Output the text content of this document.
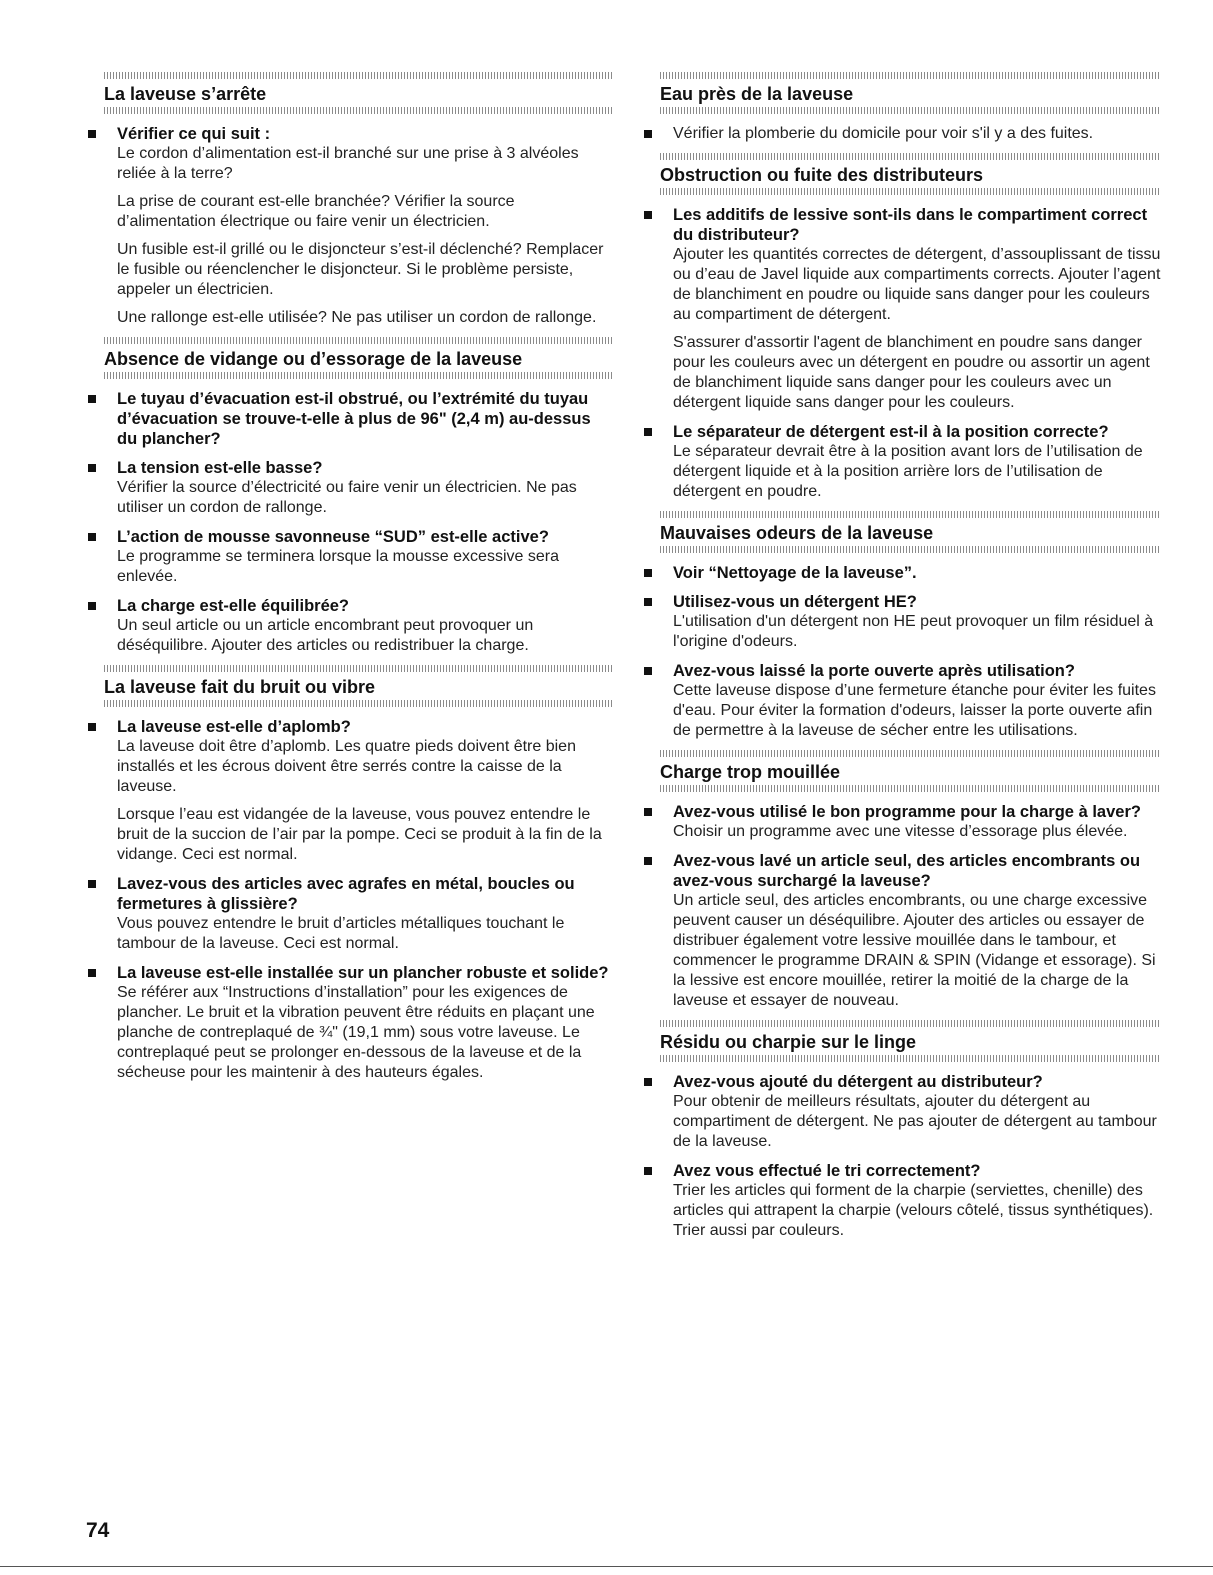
La laveuse s’arrête
Vérifier ce qui suit :
Le cordon d’alimentation est-il branché sur une prise à 3 alvéoles reliée à la terre?
La prise de courant est-elle branchée? Vérifier la source d’alimentation électrique ou faire venir un électricien.
Un fusible est-il grillé ou le disjoncteur s’est-il déclenché? Remplacer le fusible ou réenclencher le disjoncteur. Si le problème persiste, appeler un électricien.
Une rallonge est-elle utilisée? Ne pas utiliser un cordon de rallonge.
Absence de vidange ou d’essorage de la laveuse
Le tuyau d’évacuation est-il obstrué, ou l’extrémité du tuyau d’évacuation se trouve-t-elle à plus de 96" (2,4 m) au-dessus du plancher?
La tension est-elle basse?
Vérifier la source d’électricité ou faire venir un électricien. Ne pas utiliser un cordon de rallonge.
L’action de mousse savonneuse “SUD” est-elle active?
Le programme se terminera lorsque la mousse excessive sera enlevée.
La charge est-elle équilibrée?
Un seul article ou un article encombrant peut provoquer un déséquilibre. Ajouter des articles ou redistribuer la charge.
La laveuse fait du bruit ou vibre
La laveuse est-elle d’aplomb?
La laveuse doit être d’aplomb. Les quatre pieds doivent être bien installés et les écrous doivent être serrés contre la caisse de la laveuse.
Lorsque l’eau est vidangée de la laveuse, vous pouvez entendre le bruit de la succion de l’air par la pompe. Ceci se produit à la fin de la vidange. Ceci est normal.
Lavez-vous des articles avec agrafes en métal, boucles ou fermetures à glissière?
Vous pouvez entendre le bruit d’articles métalliques touchant le tambour de la laveuse. Ceci est normal.
La laveuse est-elle installée sur un plancher robuste et solide?
Se référer aux “Instructions d’installation” pour les exigences de plancher. Le bruit et la vibration peuvent être réduits en plaçant une planche de contreplaqué de ¾" (19,1 mm) sous votre laveuse. Le contreplaqué peut se prolonger en-dessous de la laveuse et de la sécheuse pour les maintenir à des hauteurs égales.
Eau près de la laveuse
Vérifier la plomberie du domicile pour voir s'il y a des fuites.
Obstruction ou fuite des distributeurs
Les additifs de lessive sont-ils dans le compartiment correct du distributeur?
Ajouter les quantités correctes de détergent, d’assouplissant de tissu ou d’eau de Javel liquide aux compartiments corrects. Ajouter l’agent de blanchiment en poudre ou liquide sans danger pour les couleurs au compartiment de détergent.
S'assurer d'assortir l'agent de blanchiment en poudre sans danger pour les couleurs avec un détergent en poudre ou assortir un agent de blanchiment liquide sans danger pour les couleurs avec un détergent liquide sans danger pour les couleurs.
Le séparateur de détergent est-il à la position correcte?
Le séparateur devrait être à la position avant lors de l’utilisation de détergent liquide et à la position arrière lors de l’utilisation de détergent en poudre.
Mauvaises odeurs de la laveuse
Voir “Nettoyage de la laveuse”.
Utilisez-vous un détergent HE?
L'utilisation d'un détergent non HE peut provoquer un film résiduel à l'origine d'odeurs.
Avez-vous laissé la porte ouverte après utilisation?
Cette laveuse dispose d’une fermeture étanche pour éviter les fuites d'eau. Pour éviter la formation d'odeurs, laisser la porte ouverte afin de permettre à la laveuse de sécher entre les utilisations.
Charge trop mouillée
Avez-vous utilisé le bon programme pour la charge à laver?
Choisir un programme avec une vitesse d’essorage plus élevée.
Avez-vous lavé un article seul, des articles encombrants ou avez-vous surchargé la laveuse?
Un article seul, des articles encombrants, ou une charge excessive peuvent causer un déséquilibre. Ajouter des articles ou essayer de distribuer également votre lessive mouillée dans le tambour, et commencer le programme DRAIN & SPIN (Vidange et essorage). Si la lessive est encore mouillée, retirer la moitié de la charge de la laveuse et essayer de nouveau.
Résidu ou charpie sur le linge
Avez-vous ajouté du détergent au distributeur?
Pour obtenir de meilleurs résultats, ajouter du détergent au compartiment de détergent. Ne pas ajouter de détergent au tambour de la laveuse.
Avez vous effectué le tri correctement?
Trier les articles qui forment de la charpie (serviettes, chenille) des articles qui attrapent la charpie (velours côtelé, tissus synthétiques). Trier aussi par couleurs.
74
